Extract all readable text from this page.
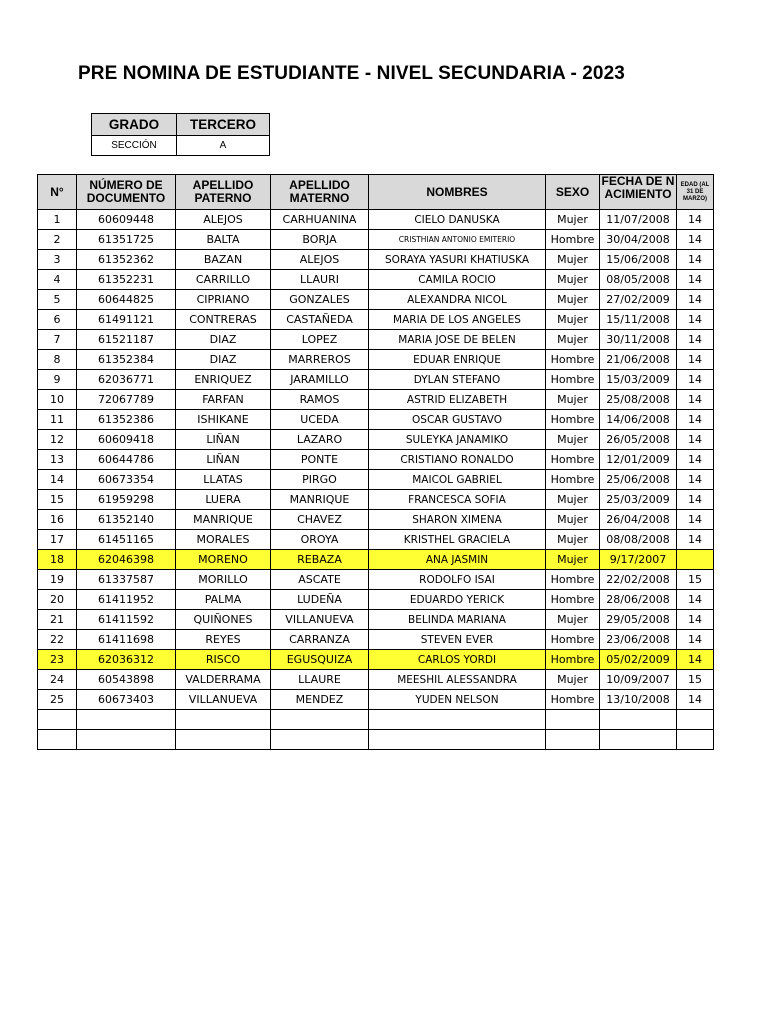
PRE NOMINA DE ESTUDIANTE - NIVEL SECUNDARIA - 2023
GRADO	TERCERO
SECCIÓN	A
N°	NÚMERO DE DOCUMENTO	APELLIDO PATERNO	APELLIDO MATERNO	NOMBRES	SEXO	FECHA DE NACIMIENTO	EDAD (AL 31 DE MARZO)
1	60609448	ALEJOS	CARHUANINA	CIELO DANUSKA	Mujer	11/07/2008	14
2	61351725	BALTA	BORJA	CRISTHIAN ANTONIO EMITERIO	Hombre	30/04/2008	14
3	61352362	BAZAN	ALEJOS	SORAYA YASURI KHATIUSKA	Mujer	15/06/2008	14
4	61352231	CARRILLO	LLAURI	CAMILA ROCIO	Mujer	08/05/2008	14
5	60644825	CIPRIANO	GONZALES	ALEXANDRA NICOL	Mujer	27/02/2009	14
6	61491121	CONTRERAS	CASTAÑEDA	MARIA DE LOS ANGELES	Mujer	15/11/2008	14
7	61521187	DIAZ	LOPEZ	MARIA JOSE DE BELEN	Mujer	30/11/2008	14
8	61352384	DIAZ	MARREROS	EDUAR ENRIQUE	Hombre	21/06/2008	14
9	62036771	ENRIQUEZ	JARAMILLO	DYLAN STEFANO	Hombre	15/03/2009	14
10	72067789	FARFAN	RAMOS	ASTRID ELIZABETH	Mujer	25/08/2008	14
11	61352386	ISHIKANE	UCEDA	OSCAR GUSTAVO	Hombre	14/06/2008	14
12	60609418	LIÑAN	LAZARO	SULEYKA JANAMIKO	Mujer	26/05/2008	14
13	60644786	LIÑAN	PONTE	CRISTIANO RONALDO	Hombre	12/01/2009	14
14	60673354	LLATAS	PIRGO	MAICOL GABRIEL	Hombre	25/06/2008	14
15	61959298	LUERA	MANRIQUE	FRANCESCA SOFIA	Mujer	25/03/2009	14
16	61352140	MANRIQUE	CHAVEZ	SHARON XIMENA	Mujer	26/04/2008	14
17	61451165	MORALES	OROYA	KRISTHEL GRACIELA	Mujer	08/08/2008	14
18	62046398	MORENO	REBAZA	ANA JASMIN	Mujer	9/17/2007	
19	61337587	MORILLO	ASCATE	RODOLFO ISAI	Hombre	22/02/2008	15
20	61411952	PALMA	LUDEÑA	EDUARDO YERICK	Hombre	28/06/2008	14
21	61411592	QUIÑONES	VILLANUEVA	BELINDA MARIANA	Mujer	29/05/2008	14
22	61411698	REYES	CARRANZA	STEVEN EVER	Hombre	23/06/2008	14
23	62036312	RISCO	EGUSQUIZA	CARLOS YORDI	Hombre	05/02/2009	14
24	60543898	VALDERRAMA	LLAURE	MEESHIL ALESSANDRA	Mujer	10/09/2007	15
25	60673403	VILLANUEVA	MENDEZ	YUDEN NELSON	Hombre	13/10/2008	14
